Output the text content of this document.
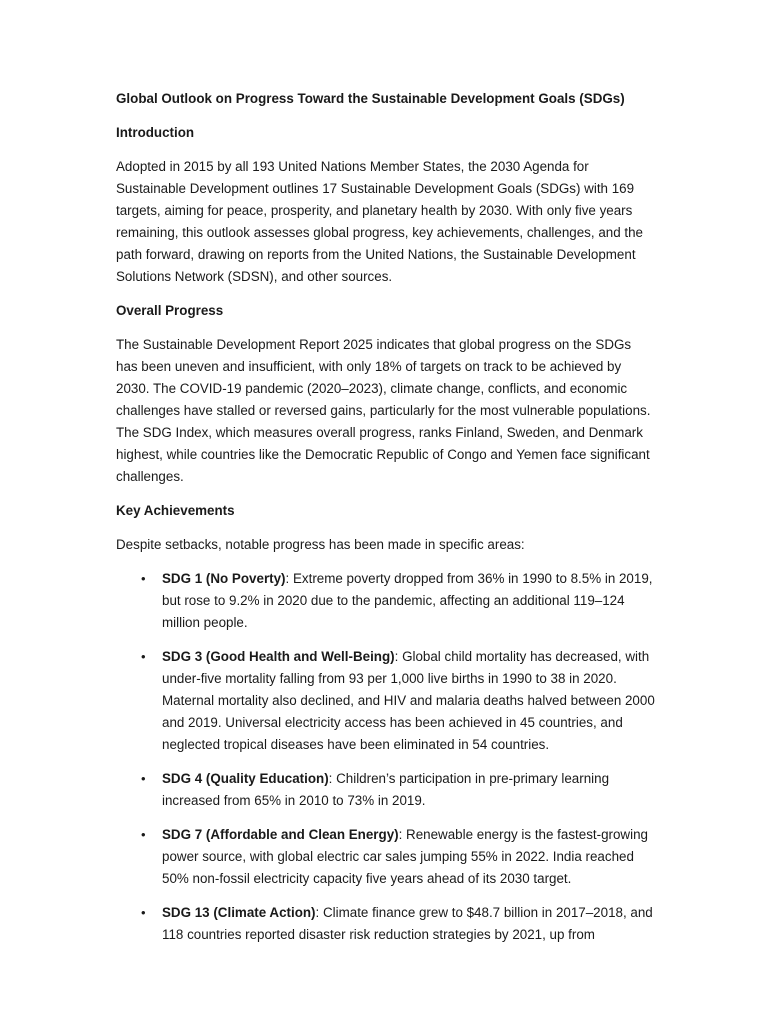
Global Outlook on Progress Toward the Sustainable Development Goals (SDGs)
Introduction
Adopted in 2015 by all 193 United Nations Member States, the 2030 Agenda for Sustainable Development outlines 17 Sustainable Development Goals (SDGs) with 169 targets, aiming for peace, prosperity, and planetary health by 2030. With only five years remaining, this outlook assesses global progress, key achievements, challenges, and the path forward, drawing on reports from the United Nations, the Sustainable Development Solutions Network (SDSN), and other sources.
Overall Progress
The Sustainable Development Report 2025 indicates that global progress on the SDGs has been uneven and insufficient, with only 18% of targets on track to be achieved by 2030. The COVID-19 pandemic (2020–2023), climate change, conflicts, and economic challenges have stalled or reversed gains, particularly for the most vulnerable populations. The SDG Index, which measures overall progress, ranks Finland, Sweden, and Denmark highest, while countries like the Democratic Republic of Congo and Yemen face significant challenges.
Key Achievements
Despite setbacks, notable progress has been made in specific areas:
• SDG 1 (No Poverty): Extreme poverty dropped from 36% in 1990 to 8.5% in 2019, but rose to 9.2% in 2020 due to the pandemic, affecting an additional 119–124 million people.
• SDG 3 (Good Health and Well-Being): Global child mortality has decreased, with under-five mortality falling from 93 per 1,000 live births in 1990 to 38 in 2020. Maternal mortality also declined, and HIV and malaria deaths halved between 2000 and 2019. Universal electricity access has been achieved in 45 countries, and neglected tropical diseases have been eliminated in 54 countries.
• SDG 4 (Quality Education): Children’s participation in pre-primary learning increased from 65% in 2010 to 73% in 2019.
• SDG 7 (Affordable and Clean Energy): Renewable energy is the fastest-growing power source, with global electric car sales jumping 55% in 2022. India reached 50% non-fossil electricity capacity five years ahead of its 2030 target.
• SDG 13 (Climate Action): Climate finance grew to $48.7 billion in 2017–2018, and 118 countries reported disaster risk reduction strategies by 2021, up from
